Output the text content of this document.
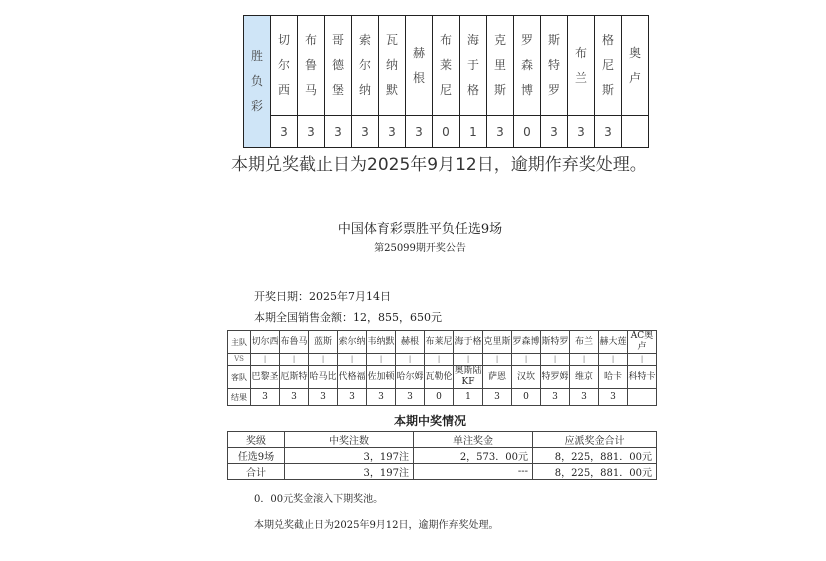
胜负彩	切尔西	布鲁马	哥德堡	索尔纳	瓦纳默	赫根	布莱尼	海于格	克里斯	罗森博	斯特罗	布兰	格尼斯	奥卢
	3	3	3	3	3	3	0	1	3	0	3	3	3	
本期兑奖截止日为2025年9月12日，逾期作弃奖处理。
中国体育彩票胜平负任选9场
第25099期开奖公告
开奖日期：2025年7月14日
本期全国销售金额：12，855，650元
主队	切尔西	布鲁马	蓝斯	索尔纳	韦纳默	赫根	布莱尼	海于格	克里斯	罗森博	斯特罗	布兰	赫大莲	AC奥卢
VS	|	|	|	|	|	|	|	|	|	|	|	|	|	|
客队	巴黎圣	厄斯特	哈马比	代格福	佐加顿	哈尔姆	瓦勒伦	奥斯陆KF	萨恩	汉坎	特罗姆	维京	哈卡	科特卡
结果	3	3	3	3	3	3	0	1	3	0	3	3	3	
本期中奖情况
奖级	中奖注数	单注奖金	应派奖金合计
任选9场	3，197注	2，573．00元	8，225，881．00元
合计	3，197注	---	8，225，881．00元
0．00元奖金滚入下期奖池。
本期兑奖截止日为2025年9月12日，逾期作弃奖处理。
